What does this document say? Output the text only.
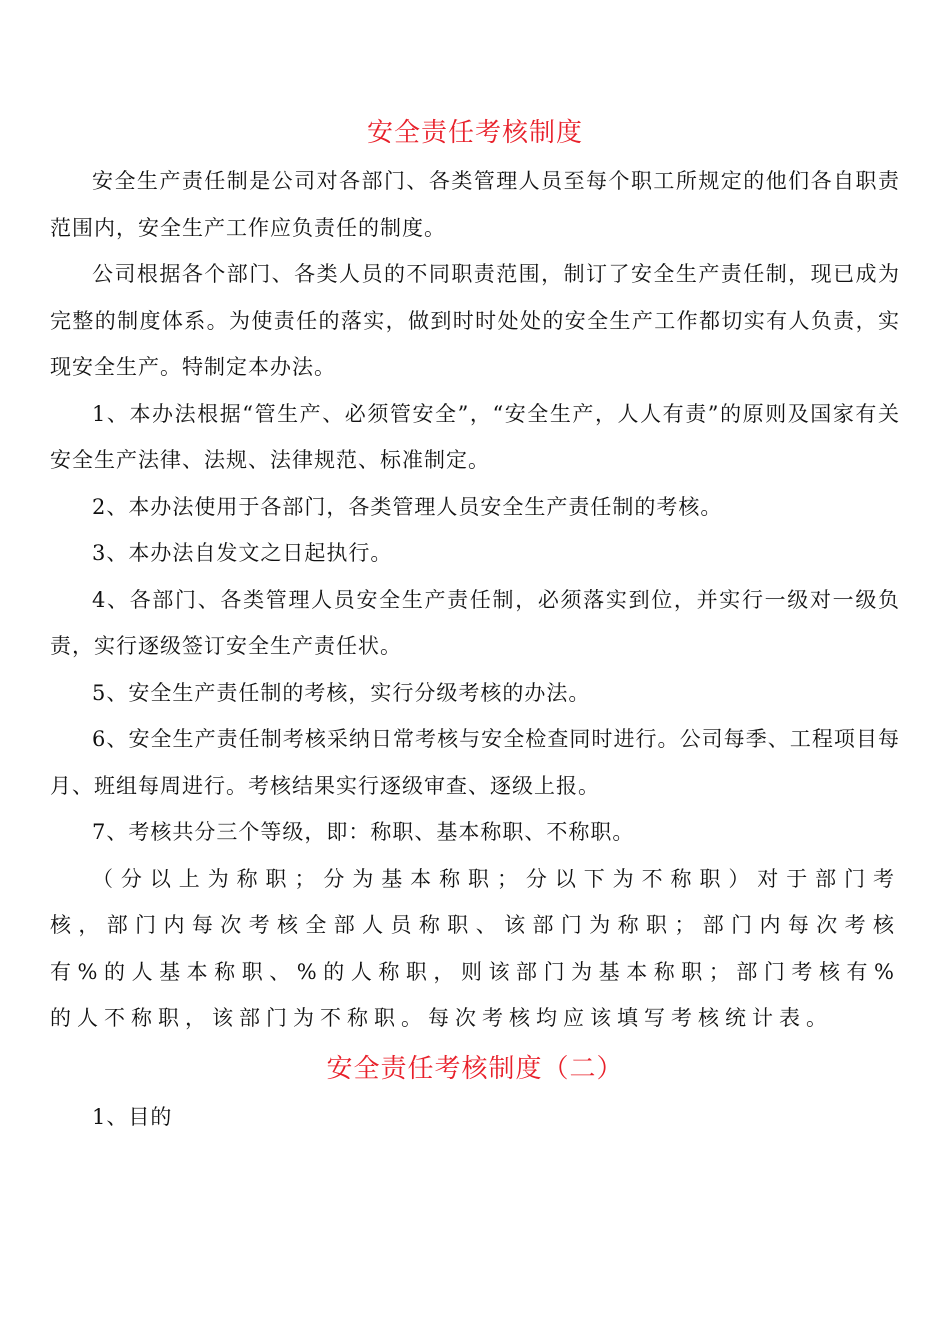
安全责任考核制度

安全生产责任制是公司对各部门、各类管理人员至每个职工所规定的他们各自职责范围内，安全生产工作应负责任的制度。

公司根据各个部门、各类人员的不同职责范围，制订了安全生产责任制，现已成为完整的制度体系。为使责任的落实，做到时时处处的安全生产工作都切实有人负责，实现安全生产。特制定本办法。

1、本办法根据“管生产、必须管安全”，“安全生产，人人有责”的原则及国家有关安全生产法律、法规、法律规范、标准制定。

2、本办法使用于各部门，各类管理人员安全生产责任制的考核。

3、本办法自发文之日起执行。

4、各部门、各类管理人员安全生产责任制，必须落实到位，并实行一级对一级负责，实行逐级签订安全生产责任状。

5、安全生产责任制的考核，实行分级考核的办法。

6、安全生产责任制考核采纳日常考核与安全检查同时进行。公司每季、工程项目每月、班组每周进行。考核结果实行逐级审查、逐级上报。

7、考核共分三个等级，即：称职、基本称职、不称职。

（分以上为称职；分为基本称职；分以下为不称职）对于部门考核，部门内每次考核全部人员称职、该部门为称职；部门内每次考核有%的人基本称职、%的人称职，则该部门为基本称职；部门考核有%的人不称职，该部门为不称职。每次考核均应该填写考核统计表。

安全责任考核制度（二）

1、目的
